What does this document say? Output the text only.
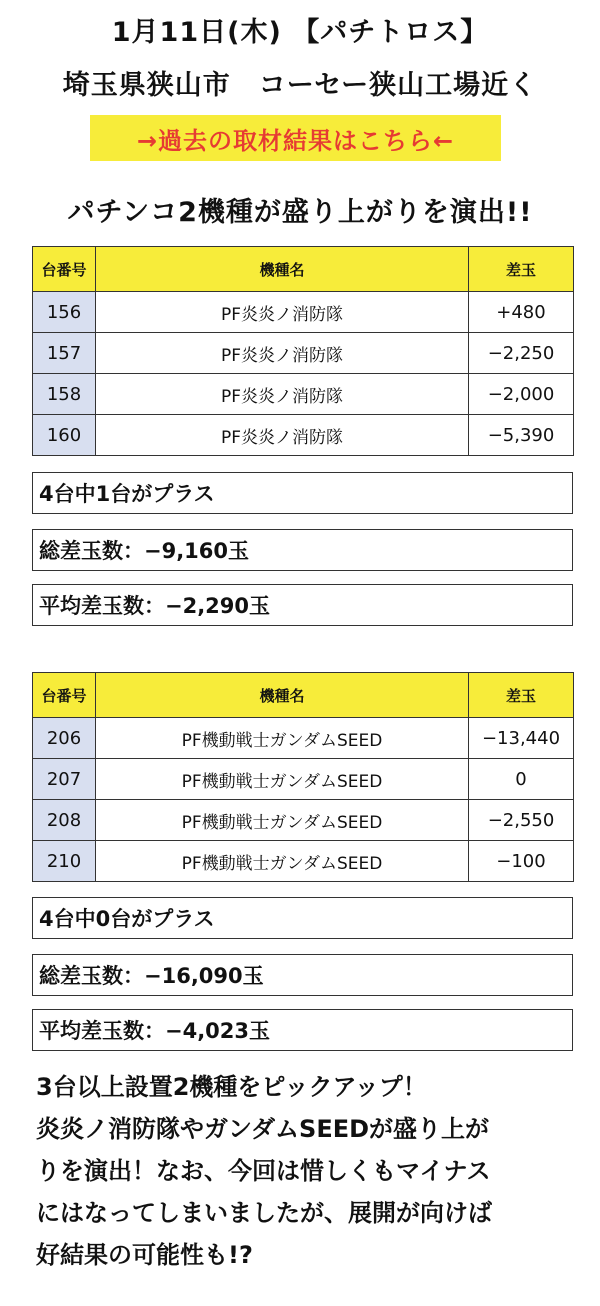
1月11日(木) 【パチトロス】
埼玉県狭山市　コーセー狭山工場近く
→過去の取材結果はこちら←
パチンコ2機種が盛り上がりを演出!!
台番号	機種名	差玉
156	PF炎炎ノ消防隊	+480
157	PF炎炎ノ消防隊	−2,250
158	PF炎炎ノ消防隊	−2,000
160	PF炎炎ノ消防隊	−5,390
4台中1台がプラス
総差玉数：−9,160玉
平均差玉数：−2,290玉
台番号	機種名	差玉
206	PF機動戦士ガンダムSEED	−13,440
207	PF機動戦士ガンダムSEED	0
208	PF機動戦士ガンダムSEED	−2,550
210	PF機動戦士ガンダムSEED	−100
4台中0台がプラス
総差玉数：−16,090玉
平均差玉数：−4,023玉

3台以上設置2機種をピックアップ！

炎炎ノ消防隊やガンダムSEEDが盛り上が

りを演出！なお、今回は惜しくもマイナス

にはなってしまいましたが、展開が向けば

好結果の可能性も!?
